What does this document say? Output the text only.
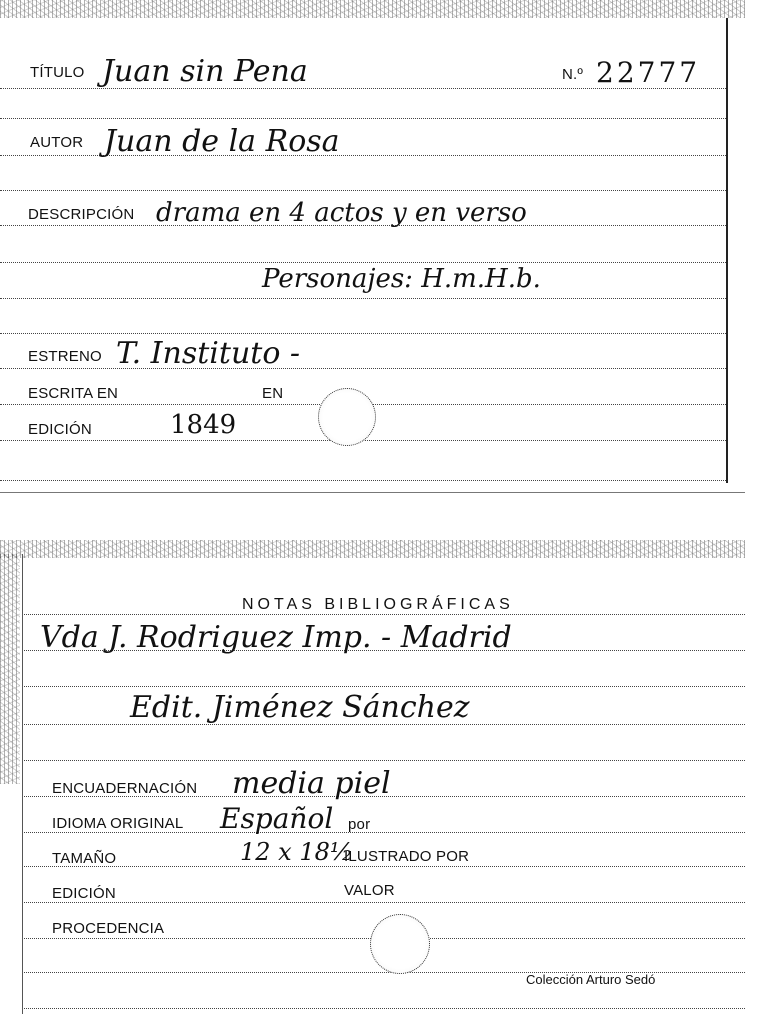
TÍTULO Juan sin Pena	N.º 22777
AUTOR Juan de la Rosa
DESCRIPCIÓN drama en 4 actos y en verso
Personajes: H.m.H.b.
ESTRENO T. Instituto -
ESCRITA EN	EN
EDICIÓN	1849
NOTAS BIBLIOGRÁFICAS
Vda J. Rodriguez Imp. - Madrid
Edit. Jiménez Sánchez
ENCUADERNACIÓN media piel
IDIOMA ORIGINAL Español por
TAMAÑO	12 x 18½
ILUSTRADO POR
EDICIÓN	VALOR
PROCEDENCIA
Colección Arturo Sedó
